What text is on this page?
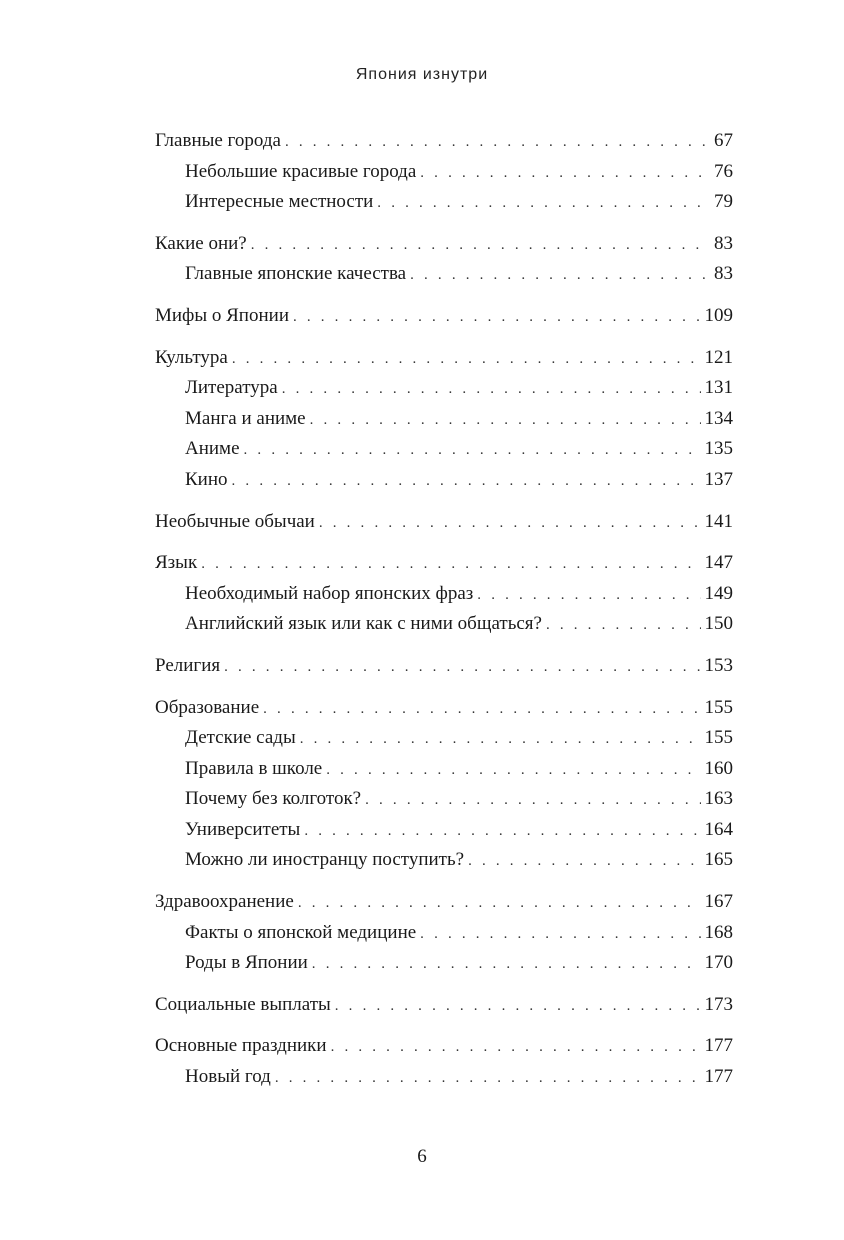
Япония изнутри
Главные города . . .	67
Небольшие красивые города . . .	76
Интересные местности . . .	79
Какие они? . . .	83
Главные японские качества . . .	83
Мифы о Японии . . .	109
Культура . . .	121
Литература . . .	131
Манга и аниме . . .	134
Аниме . . .	135
Кино . . .	137
Необычные обычаи . . .	141
Язык . . .	147
Необходимый набор японских фраз . . .	149
Английский язык или как с ними общаться? . . .	150
Религия . . .	153
Образование . . .	155
Детские сады . . .	155
Правила в школе . . .	160
Почему без колготок? . . .	163
Университеты . . .	164
Можно ли иностранцу поступить? . . .	165
Здравоохранение . . .	167
Факты о японской медицине . . .	168
Роды в Японии . . .	170
Социальные выплаты . . .	173
Основные праздники . . .	177
Новый год . . .	177
6
